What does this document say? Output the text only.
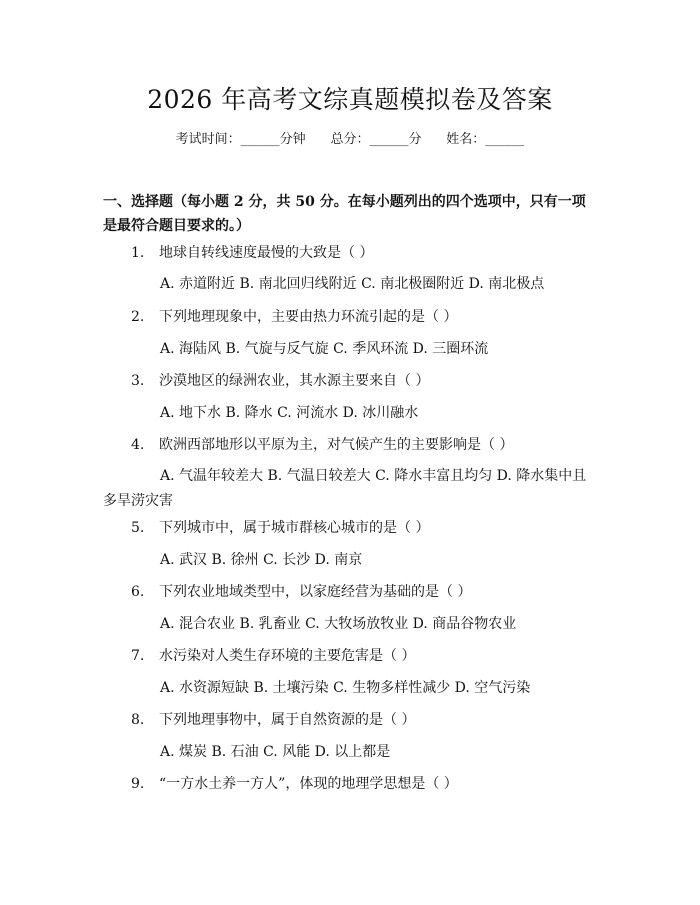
2026 年高考文综真题模拟卷及答案
考试时间：______分钟 总分：______分 姓名：______
一、选择题（每小题 2 分，共 50 分。在每小题列出的四个选项中，只有一项是最符合题目要求的。）
1. 地球自转线速度最慢的大致是（ ）
A. 赤道附近 B. 南北回归线附近 C. 南北极圈附近 D. 南北极点
2. 下列地理现象中，主要由热力环流引起的是（ ）
A. 海陆风 B. 气旋与反气旋 C. 季风环流 D. 三圈环流
3. 沙漠地区的绿洲农业，其水源主要来自（ ）
A. 地下水 B. 降水 C. 河流水 D. 冰川融水
4. 欧洲西部地形以平原为主，对气候产生的主要影响是（ ）
A. 气温年较差大 B. 气温日较差大 C. 降水丰富且均匀 D. 降水集中且多旱涝灾害
5. 下列城市中，属于城市群核心城市的是（ ）
A. 武汉 B. 徐州 C. 长沙 D. 南京
6. 下列农业地域类型中，以家庭经营为基础的是（ ）
A. 混合农业 B. 乳畜业 C. 大牧场放牧业 D. 商品谷物农业
7. 水污染对人类生存环境的主要危害是（ ）
A. 水资源短缺 B. 土壤污染 C. 生物多样性减少 D. 空气污染
8. 下列地理事物中，属于自然资源的是（ ）
A. 煤炭 B. 石油 C. 风能 D. 以上都是
9. “一方水土养一方人”，体现的地理学思想是（ ）
